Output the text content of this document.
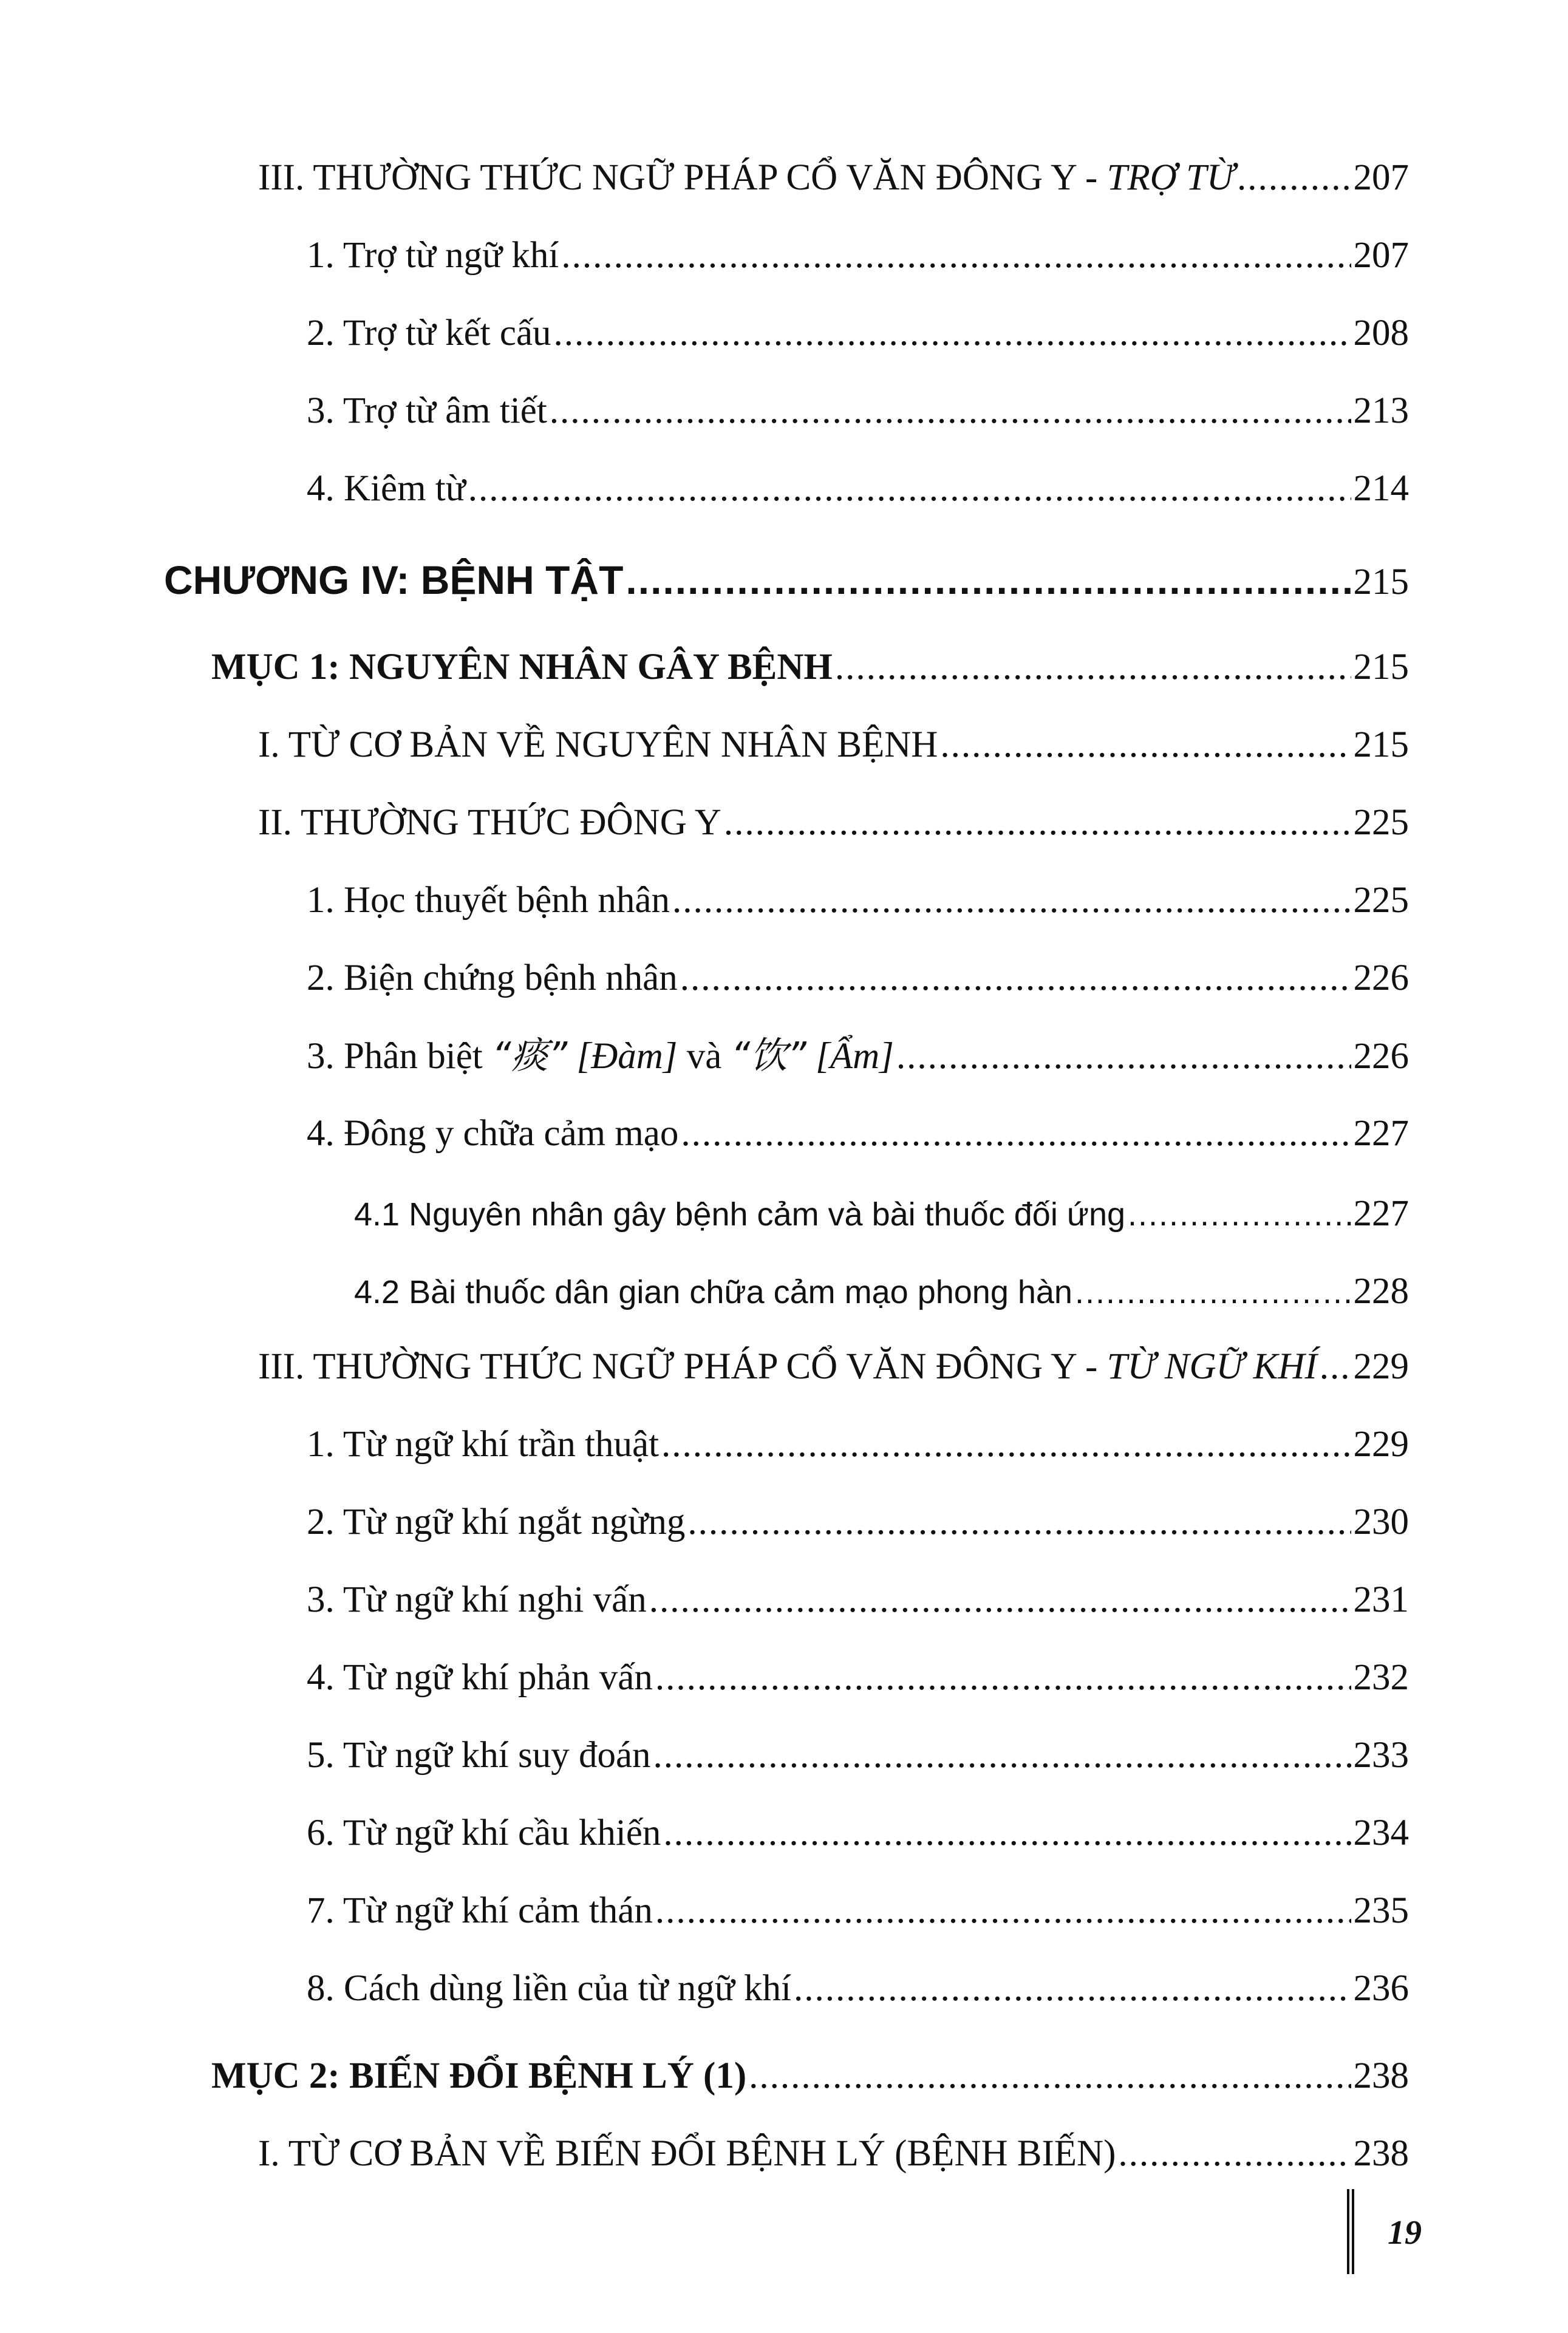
III. THƯỜNG THỨC NGỮ PHÁP CỔ VĂN ĐÔNG Y - TRỢ TỪ .....	207
1. Trợ từ ngữ khí .....	207
2. Trợ từ kết cấu .....	208
3. Trợ từ âm tiết .....	213
4. Kiêm từ .....	214
CHƯƠNG IV: BỆNH TẬT .....	215
MỤC 1: NGUYÊN NHÂN GÂY BỆNH .....	215
I. TỪ CƠ BẢN VỀ NGUYÊN NHÂN BỆNH .....	215
II. THƯỜNG THỨC ĐÔNG Y .....	225
1. Học thuyết bệnh nhân .....	225
2. Biện chứng bệnh nhân .....	226
3. Phân biệt “痰” [Đàm] và “饮” [Ẩm] .....	226
4. Đông y chữa cảm mạo .....	227
4.1 Nguyên nhân gây bệnh cảm và bài thuốc đối ứng .....	227
4.2 Bài thuốc dân gian chữa cảm mạo phong hàn .....	228
III. THƯỜNG THỨC NGỮ PHÁP CỔ VĂN ĐÔNG Y - TỪ NGỮ KHÍ ..... 229
1. Từ ngữ khí trần thuật .....	229
2. Từ ngữ khí ngắt ngừng .....	230
3. Từ ngữ khí nghi vấn .....	231
4. Từ ngữ khí phản vấn .....	232
5. Từ ngữ khí suy đoán .....	233
6. Từ ngữ khí cầu khiến .....	234
7. Từ ngữ khí cảm thán .....	235
8. Cách dùng liền của từ ngữ khí .....	236
MỤC 2: BIẾN ĐỔI BỆNH LÝ (1) .....	238
I. TỪ CƠ BẢN VỀ BIẾN ĐỔI BỆNH LÝ (BỆNH BIẾN) .....	238
19
